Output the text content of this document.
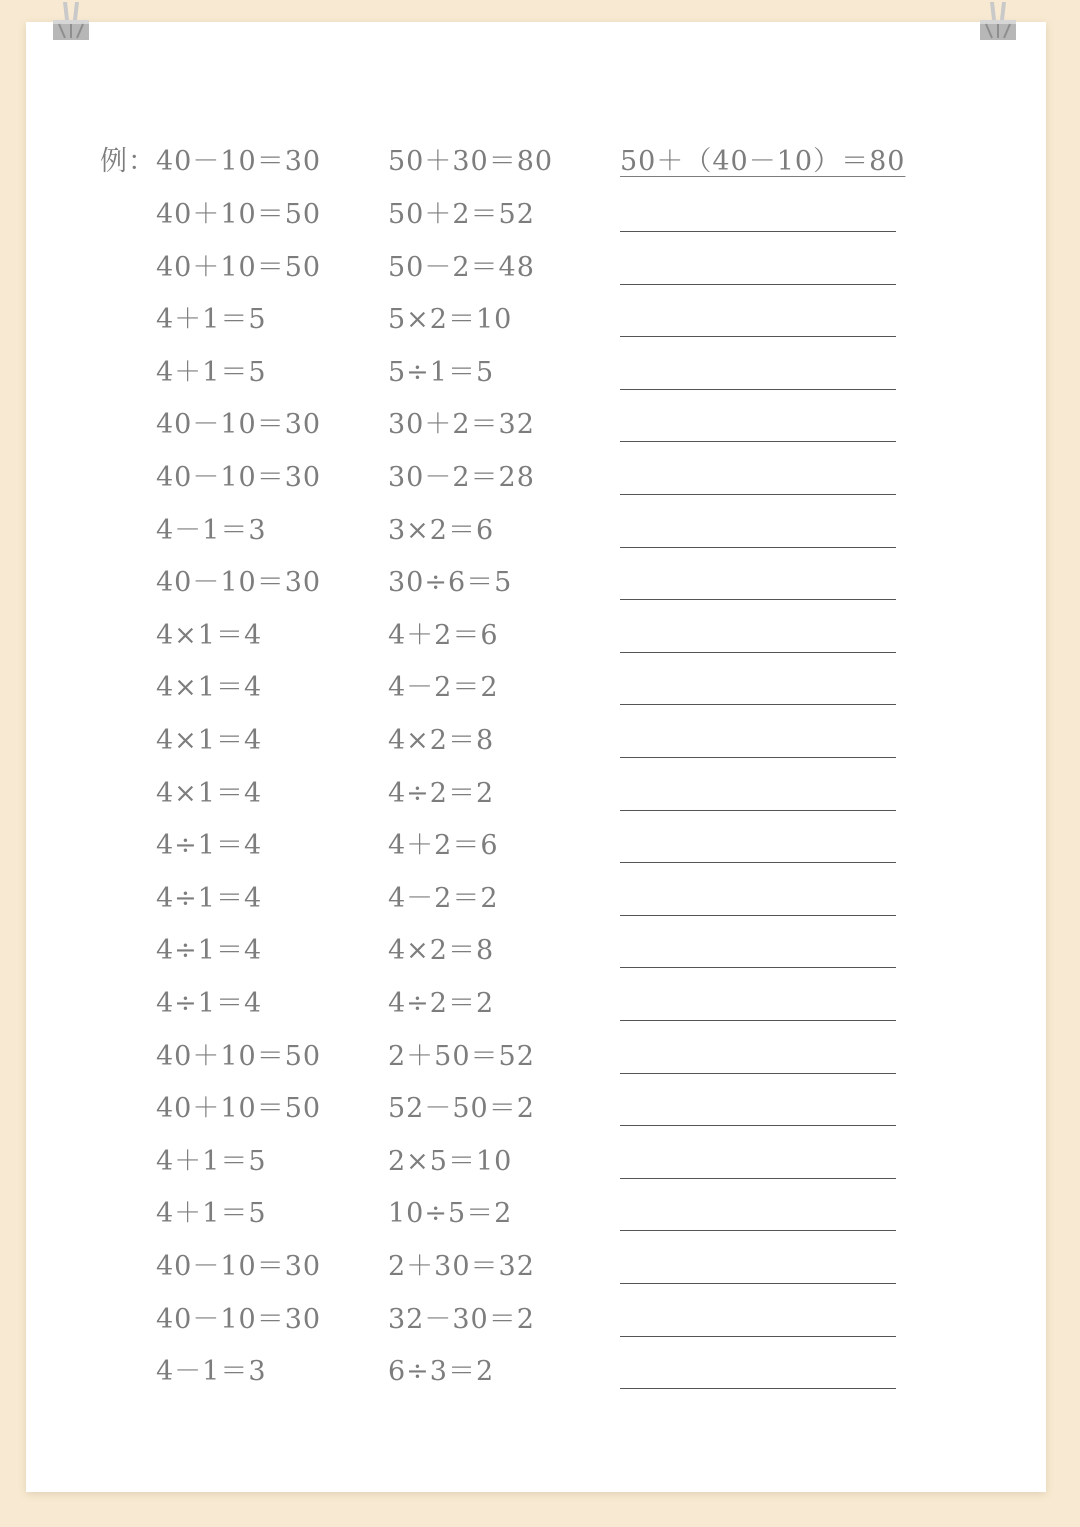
例： 40－10＝30 50＋30＝80 50＋（40－10）＝80
40＋10＝50 50＋2＝52
40＋10＝50 50－2＝48
4＋1＝5	5×2＝10
4＋1＝5	5÷1＝5
40－10＝30 30＋2＝32
40－10＝30 30－2＝28
4－1＝3	3×2＝6
40－10＝30 30÷6＝5
4×1＝4	4＋2＝6
4×1＝4	4－2＝2
4×1＝4	4×2＝8
4×1＝4	4÷2＝2
4÷1＝4	4＋2＝6
4÷1＝4	4－2＝2
4÷1＝4	4×2＝8
4÷1＝4	4÷2＝2
40＋10＝50 2＋50＝52
40＋10＝50 52－50＝2
4＋1＝5	2×5＝10
4＋1＝5	10÷5＝2
40－10＝30 2＋30＝32
40－10＝30 32－30＝2
4－1＝3	6÷3＝2
